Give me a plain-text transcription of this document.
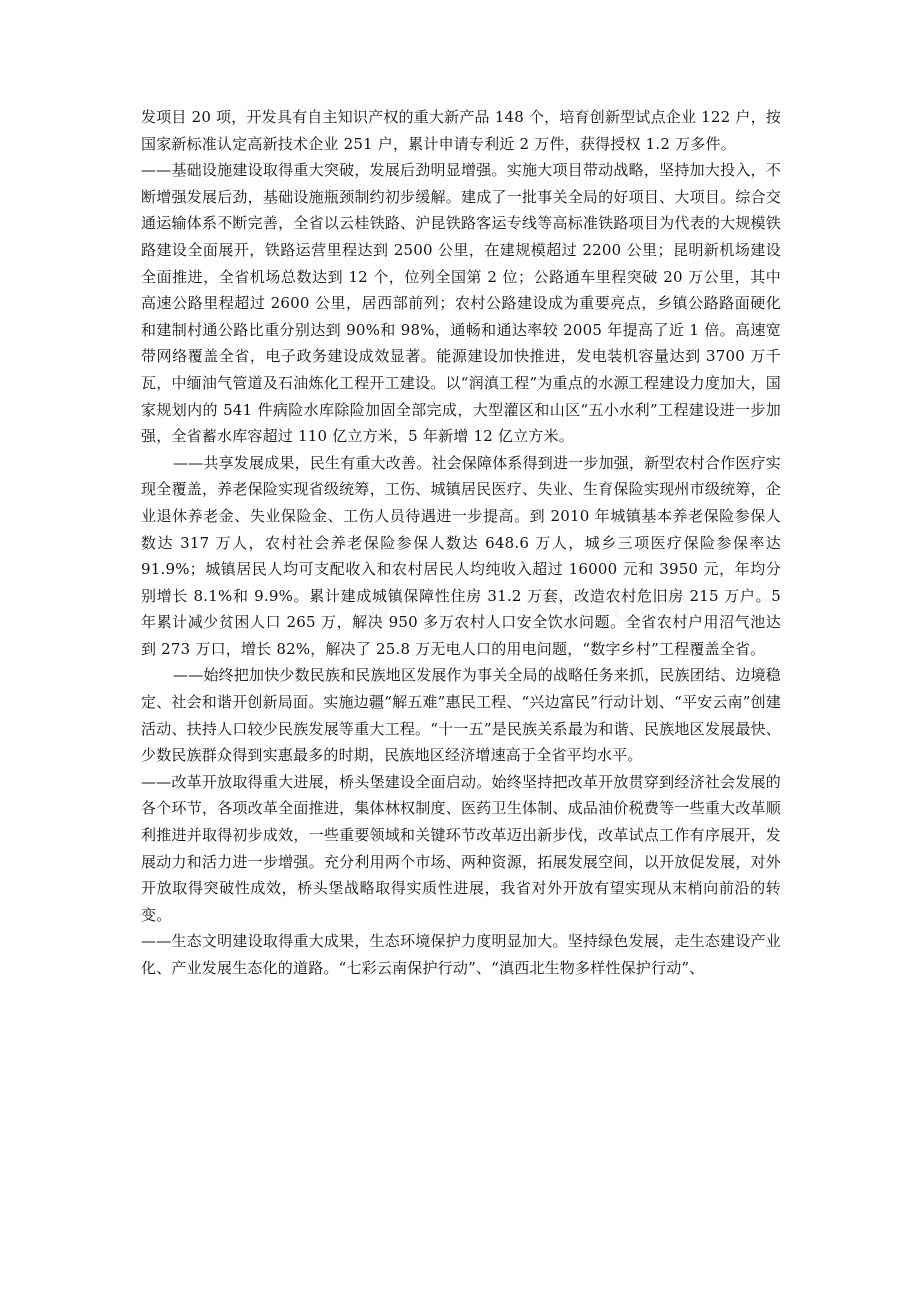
发项目 20 项，开发具有自主知识产权的重大新产品 148 个，培育创新型试点企业 122 户，按国家新标准认定高新技术企业 251 户，累计申请专利近 2 万件，获得授权 1.2 万多件。

——基础设施建设取得重大突破，发展后劲明显增强。实施大项目带动战略，坚持加大投入，不断增强发展后劲，基础设施瓶颈制约初步缓解。建成了一批事关全局的好项目、大项目。综合交通运输体系不断完善，全省以云桂铁路、沪昆铁路客运专线等高标准铁路项目为代表的大规模铁路建设全面展开，铁路运营里程达到 2500 公里，在建规模超过 2200 公里；昆明新机场建设全面推进，全省机场总数达到 12 个，位列全国第 2 位；公路通车里程突破 20 万公里，其中高速公路里程超过 2600 公里，居西部前列；农村公路建设成为重要亮点，乡镇公路路面硬化和建制村通公路比重分别达到 90%和 98%，通畅和通达率较 2005 年提高了近 1 倍。高速宽带网络覆盖全省，电子政务建设成效显著。能源建设加快推进，发电装机容量达到 3700 万千瓦，中缅油气管道及石油炼化工程开工建设。以“润滇工程”为重点的水源工程建设力度加大，国家规划内的 541 件病险水库除险加固全部完成，大型灌区和山区“五小水利”工程建设进一步加强，全省蓄水库容超过 110 亿立方米，5 年新增 12 亿立方米。

——共享发展成果，民生有重大改善。社会保障体系得到进一步加强，新型农村合作医疗实现全覆盖，养老保险实现省级统筹，工伤、城镇居民医疗、失业、生育保险实现州市级统筹，企业退休养老金、失业保险金、工伤人员待遇进一步提高。到 2010 年城镇基本养老保险参保人数达 317 万人，农村社会养老保险参保人数达 648.6 万人，城乡三项医疗保险参保率达 91.9%；城镇居民人均可支配收入和农村居民人均纯收入超过 16000 元和 3950 元，年均分别增长 8.1%和 9.9%。累计建成城镇保障性住房 31.2 万套，改造农村危旧房 215 万户。5 年累计减少贫困人口 265 万，解决 950 多万农村人口安全饮水问题。全省农村户用沼气池达到 273 万口，增长 82%，解决了 25.8 万无电人口的用电问题，“数字乡村”工程覆盖全省。

——始终把加快少数民族和民族地区发展作为事关全局的战略任务来抓，民族团结、边境稳定、社会和谐开创新局面。实施边疆“解五难”惠民工程、“兴边富民”行动计划、“平安云南”创建活动、扶持人口较少民族发展等重大工程。“十一五”是民族关系最为和谐、民族地区发展最快、少数民族群众得到实惠最多的时期，民族地区经济增速高于全省平均水平。

——改革开放取得重大进展，桥头堡建设全面启动。始终坚持把改革开放贯穿到经济社会发展的各个环节，各项改革全面推进，集体林权制度、医药卫生体制、成品油价税费等一些重大改革顺利推进并取得初步成效，一些重要领域和关键环节改革迈出新步伐，改革试点工作有序展开，发展动力和活力进一步增强。充分利用两个市场、两种资源，拓展发展空间，以开放促发展，对外开放取得突破性成效，桥头堡战略取得实质性进展，我省对外开放有望实现从末梢向前沿的转变。

——生态文明建设取得重大成果，生态环境保护力度明显加大。坚持绿色发展，走生态建设产业化、产业发展生态化的道路。“七彩云南保护行动”、“滇西北生物多样性保护行动”、
